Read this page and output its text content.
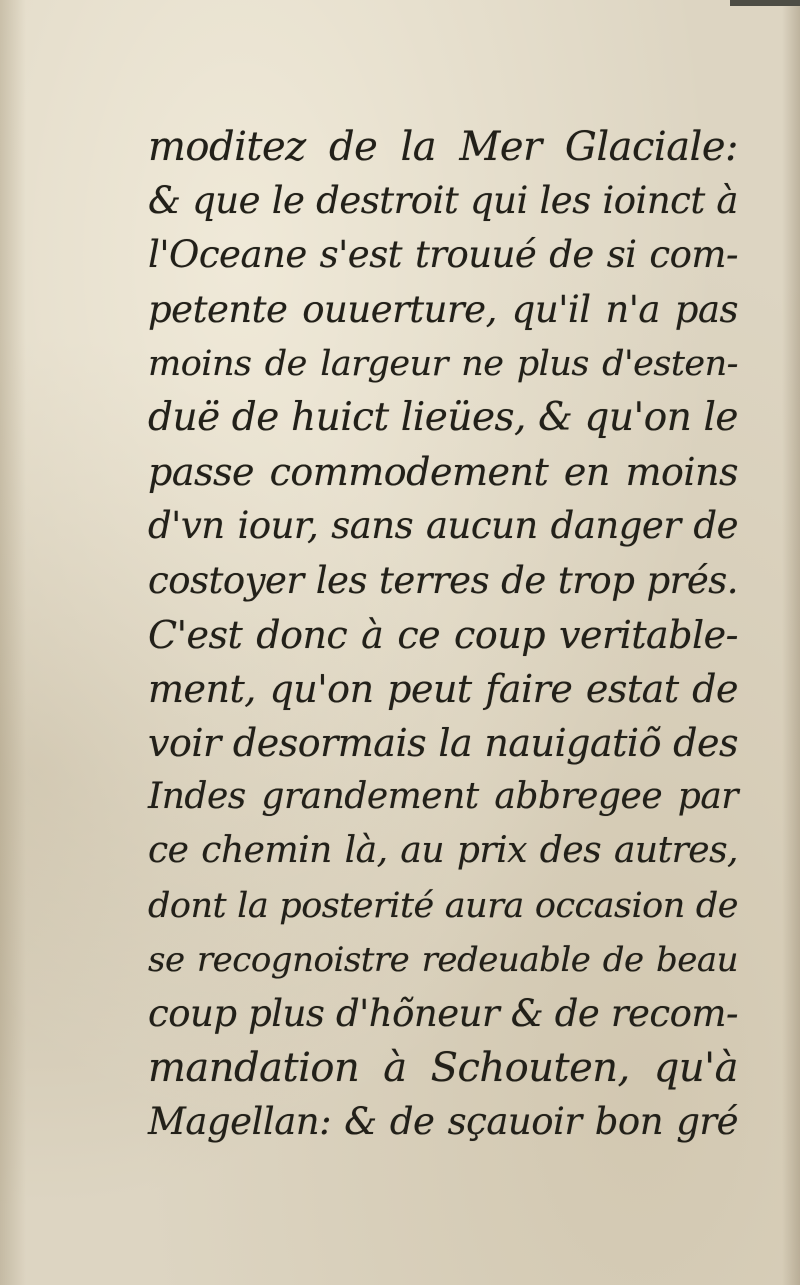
moditez de la Mer Glaciale:
& que le destroit qui les ioinct à
l'Oceane s'est trouué de si com-
petente ouuerture, qu'il n'a pas
moins de largeur ne plus d'esten-
duë de huict lieües, & qu'on le
passe commodement en moins
d'vn iour, sans aucun danger de
costoyer les terres de trop prés.
C'est donc à ce coup veritable-
ment, qu'on peut faire estat de
voir desormais la nauigatiõ des
Indes grandement abbregee par
ce chemin là, au prix des autres,
dont la posterité aura occasion de
se recognoistre redeuable de beau
coup plus d'hõneur & de recom-
mandation à Schouten, qu'à
Magellan: & de sçauoir bon gré
